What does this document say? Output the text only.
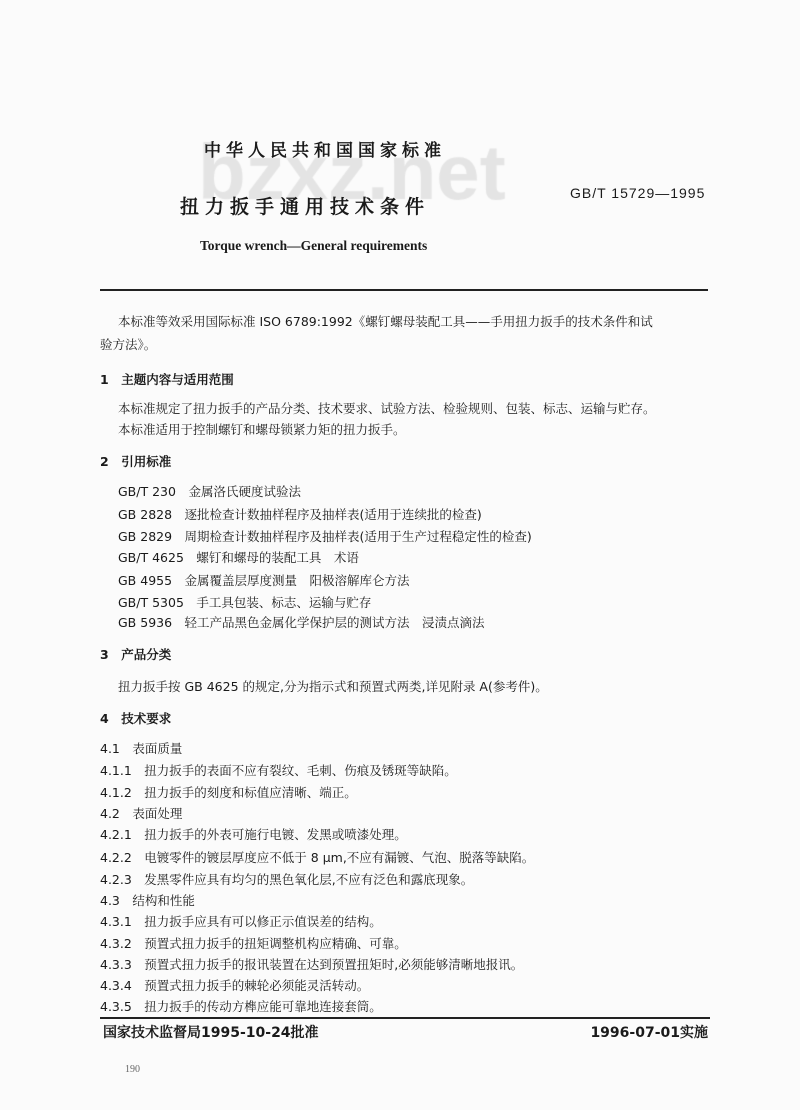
中华人民共和国国家标准
GB/T 15729—1995
扭力扳手通用技术条件
Torque wrench—General requirements
本标准等效采用国际标准 ISO 6789:1992《螺钉螺母装配工具——手用扭力扳手的技术条件和试
验方法》。
1　主题内容与适用范围
本标准规定了扭力扳手的产品分类、技术要求、试验方法、检验规则、包装、标志、运输与贮存。
本标准适用于控制螺钉和螺母锁紧力矩的扭力扳手。
2　引用标准
GB/T 230　金属洛氏硬度试验法
GB 2828　逐批检查计数抽样程序及抽样表(适用于连续批的检查)
GB 2829　周期检查计数抽样程序及抽样表(适用于生产过程稳定性的检查)
GB/T 4625　螺钉和螺母的装配工具　术语
GB 4955　金属覆盖层厚度测量　阳极溶解库仑方法
GB/T 5305　手工具包装、标志、运输与贮存
GB 5936　轻工产品黑色金属化学保护层的测试方法　浸渍点滴法
3　产品分类
扭力扳手按 GB 4625 的规定,分为指示式和预置式两类,详见附录 A(参考件)。
4　技术要求
4.1　表面质量
4.1.1　扭力扳手的表面不应有裂纹、毛刺、伤痕及锈斑等缺陷。
4.1.2　扭力扳手的刻度和标值应清晰、端正。
4.2　表面处理
4.2.1　扭力扳手的外表可施行电镀、发黑或喷漆处理。
4.2.2　电镀零件的镀层厚度应不低于 8 μm,不应有漏镀、气泡、脱落等缺陷。
4.2.3　发黑零件应具有均匀的黑色氧化层,不应有泛色和露底现象。
4.3　结构和性能
4.3.1　扭力扳手应具有可以修正示值误差的结构。
4.3.2　预置式扭力扳手的扭矩调整机构应精确、可靠。
4.3.3　预置式扭力扳手的报讯装置在达到预置扭矩时,必须能够清晰地报讯。
4.3.4　预置式扭力扳手的棘轮必须能灵活转动。
4.3.5　扭力扳手的传动方榫应能可靠地连接套筒。
国家技术监督局1995-10-24批准	1996-07-01实施
190
